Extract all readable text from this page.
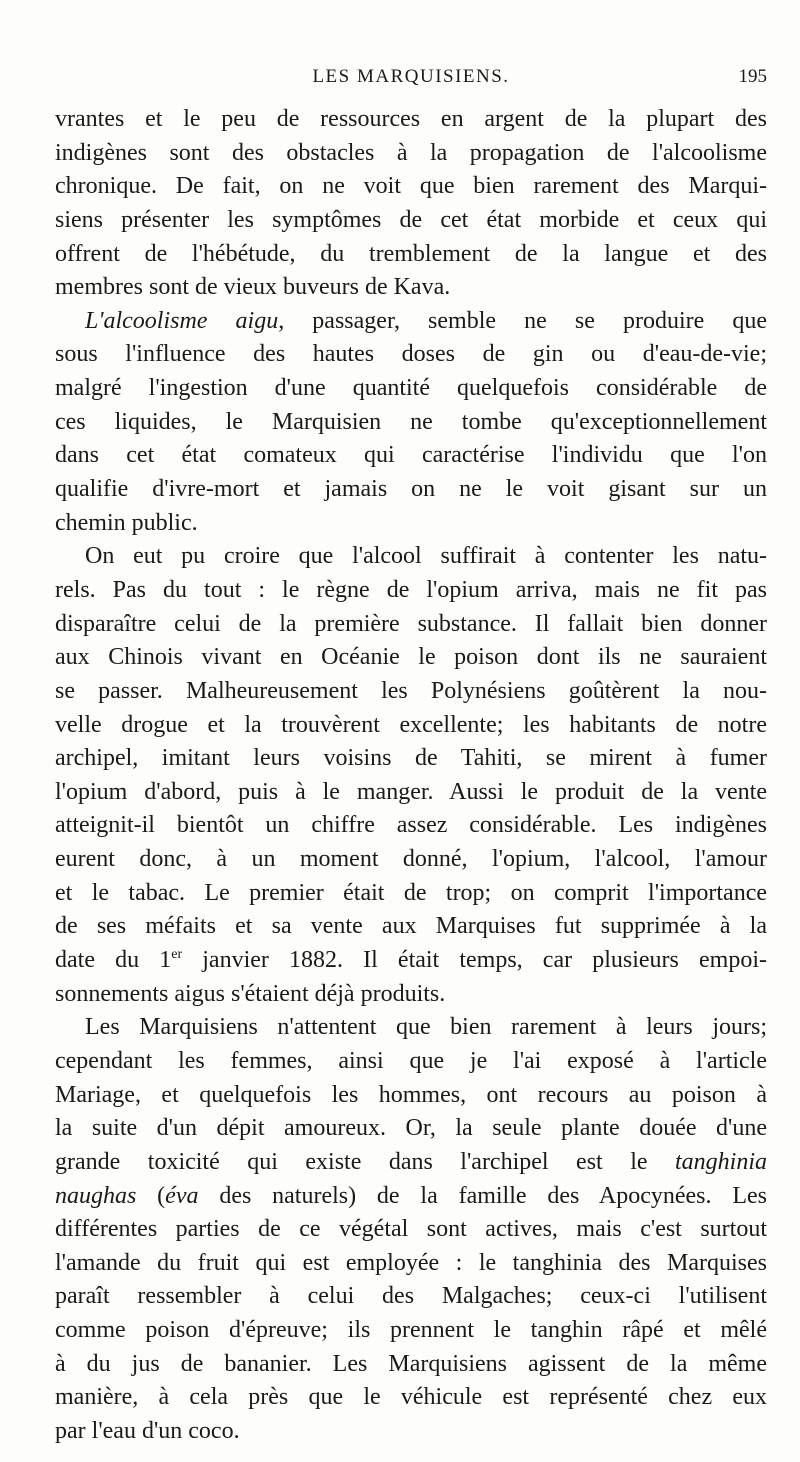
LES MARQUISIENS.	195
vrantes et le peu de ressources en argent de la plupart des
indigènes sont des obstacles à la propagation de l'alcoolisme
chronique. De fait, on ne voit que bien rarement des Marqui-
siens présenter les symptômes de cet état morbide et ceux qui
offrent de l'hébétude, du tremblement de la langue et des
membres sont de vieux buveurs de Kava.
L'alcoolisme aigu, passager, semble ne se produire que
sous l'influence des hautes doses de gin ou d'eau-de-vie;
malgré l'ingestion d'une quantité quelquefois considérable de
ces liquides, le Marquisien ne tombe qu'exceptionnellement
dans cet état comateux qui caractérise l'individu que l'on
qualifie d'ivre-mort et jamais on ne le voit gisant sur un
chemin public.
On eut pu croire que l'alcool suffirait à contenter les natu-
rels. Pas du tout : le règne de l'opium arriva, mais ne fit pas
disparaître celui de la première substance. Il fallait bien donner
aux Chinois vivant en Océanie le poison dont ils ne sauraient
se passer. Malheureusement les Polynésiens goûtèrent la nou-
velle drogue et la trouvèrent excellente; les habitants de notre
archipel, imitant leurs voisins de Tahiti, se mirent à fumer
l'opium d'abord, puis à le manger. Aussi le produit de la vente
atteignit-il bientôt un chiffre assez considérable. Les indigènes
eurent donc, à un moment donné, l'opium, l'alcool, l'amour
et le tabac. Le premier était de trop; on comprit l'importance
de ses méfaits et sa vente aux Marquises fut supprimée à la
date du 1er janvier 1882. Il était temps, car plusieurs empoi-
sonnements aigus s'étaient déjà produits.
Les Marquisiens n'attentent que bien rarement à leurs jours;
cependant les femmes, ainsi que je l'ai exposé à l'article
Mariage, et quelquefois les hommes, ont recours au poison à
la suite d'un dépit amoureux. Or, la seule plante douée d'une
grande toxicité qui existe dans l'archipel est le tanghinia
naughas (éva des naturels) de la famille des Apocynées. Les
différentes parties de ce végétal sont actives, mais c'est surtout
l'amande du fruit qui est employée : le tanghinia des Marquises
paraît ressembler à celui des Malgaches; ceux-ci l'utilisent
comme poison d'épreuve; ils prennent le tanghin râpé et mêlé
à du jus de bananier. Les Marquisiens agissent de la même
manière, à cela près que le véhicule est représenté chez eux
par l'eau d'un coco.
